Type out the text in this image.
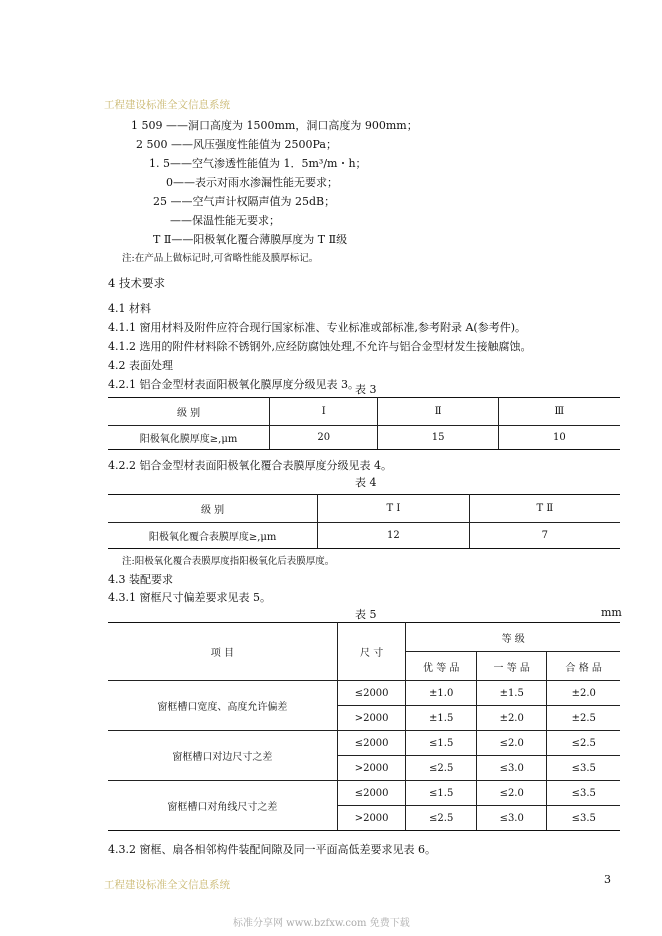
工程建设标准全文信息系统
1 509 ——洞口高度为 1500mm，洞口高度为 900mm；
2 500 ——风压强度性能值为 2500Pa；
1. 5——空气渗透性能值为 1．5m³/m・h；
0——表示对雨水渗漏性能无要求；
25 ——空气声计权隔声值为 25dB；
——保温性能无要求；
T Ⅱ——阳极氧化覆合薄膜厚度为 T Ⅱ级
注:在产品上做标记时,可省略性能及膜厚标记。
4 技术要求
4.1 材料
4.1.1 窗用材料及附件应符合现行国家标准、专业标准或部标准,参考附录 A(参考件)。
4.1.2 选用的附件材料除不锈钢外,应经防腐蚀处理,不允许与铝合金型材发生接触腐蚀。
4.2 表面处理
4.2.1 铝合金型材表面阳极氧化膜厚度分级见表 3。
表 3
级 别	Ⅰ	Ⅱ	Ⅲ
阳极氧化膜厚度≥,μm	20	15	10
4.2.2 铝合金型材表面阳极氧化覆合表膜厚度分级见表 4。
表 4
级 别	T Ⅰ	T Ⅱ
阳极氧化覆合表膜厚度≥,μm	12	7
注:阳极氧化覆合表膜厚度指阳极氧化后表膜厚度。
4.3 装配要求
4.3.1 窗框尺寸偏差要求见表 5。
表 5	mm
项 目	尺 寸	等 级		
		优 等 品	一 等 品	合 格 品
窗框槽口宽度、高度允许偏差	≤2000	±1.0	±1.5	±2.0
	>2000	±1.5	±2.0	±2.5
窗框槽口对边尺寸之差	≤2000	≤1.5	≤2.0	≤2.5
	>2000	≤2.5	≤3.0	≤3.5
窗框槽口对角线尺寸之差	≤2000	≤1.5	≤2.0	≤3.5
	>2000	≤2.5	≤3.0	≤3.5
4.3.2 窗框、扇各相邻构件装配间隙及同一平面高低差要求见表 6。
工程建设标准全文信息系统	3
标准分享网 www.bzfxw.com 免费下载
